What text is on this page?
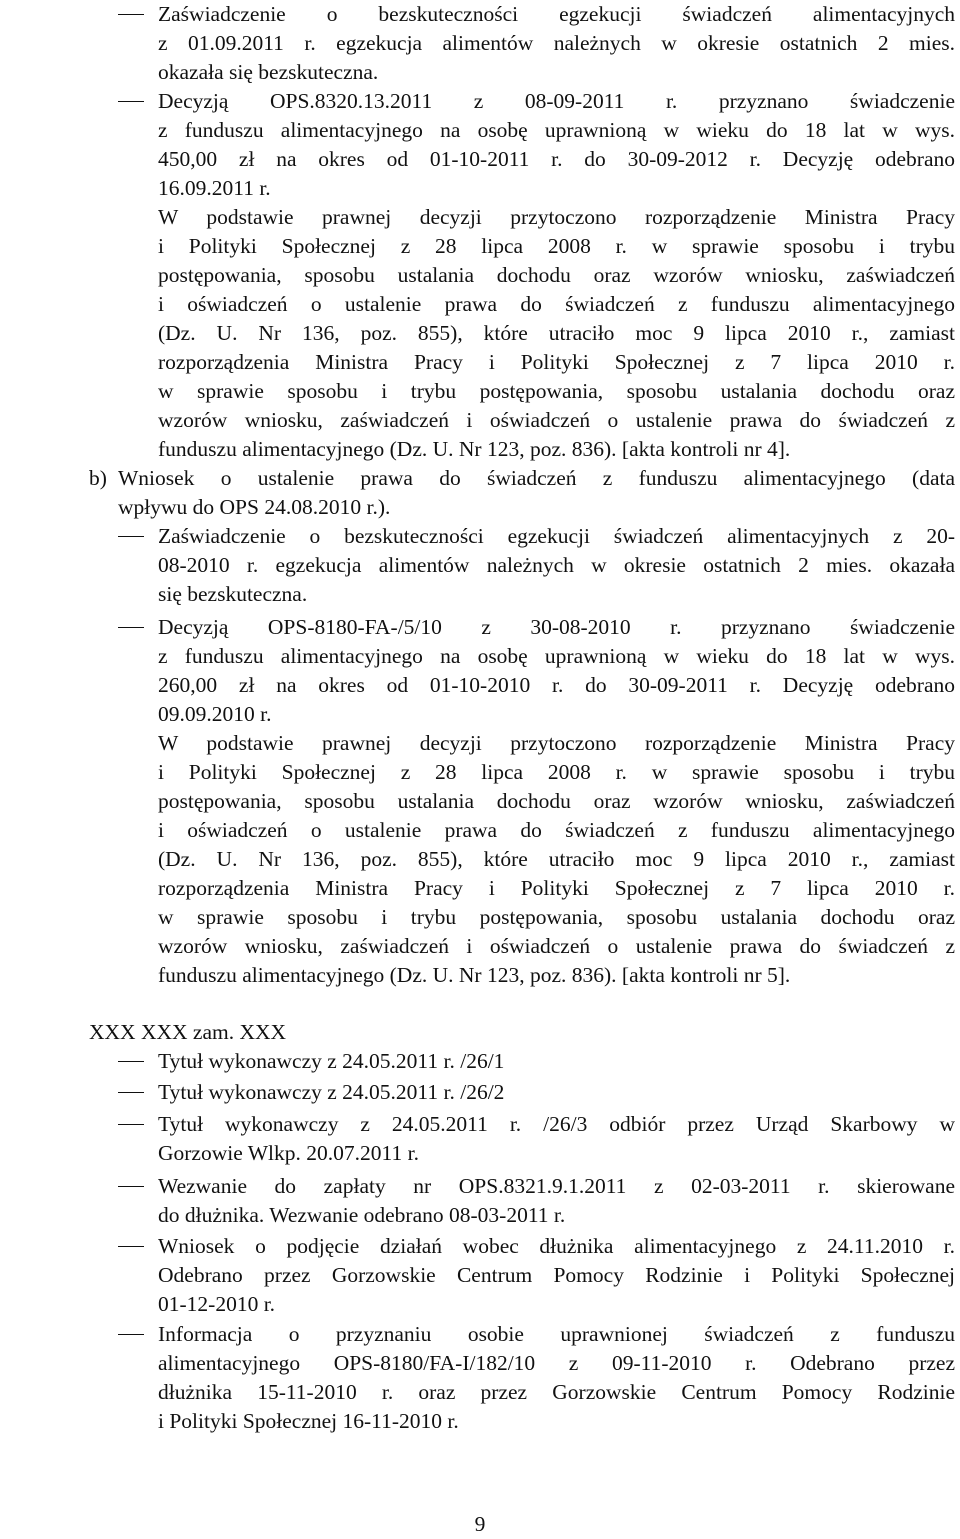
Zaświadczenie o bezskuteczności egzekucji świadczeń alimentacyjnych
z 01.09.2011 r. egzekucja alimentów należnych w okresie ostatnich 2 mies.
okazała się bezskuteczna.
Decyzją OPS.8320.13.2011 z 08-09-2011 r. przyznano świadczenie
z funduszu alimentacyjnego na osobę uprawnioną w wieku do 18 lat w wys.
450,00 zł na okres od 01-10-2011 r. do 30-09-2012 r. Decyzję odebrano
16.09.2011 r.
W podstawie prawnej decyzji przytoczono rozporządzenie Ministra Pracy
i Polityki Społecznej z 28 lipca 2008 r. w sprawie sposobu i trybu
postępowania, sposobu ustalania dochodu oraz wzorów wniosku, zaświadczeń
i oświadczeń o ustalenie prawa do świadczeń z funduszu alimentacyjnego
(Dz. U. Nr 136, poz. 855), które utraciło moc 9 lipca 2010 r., zamiast
rozporządzenia Ministra Pracy i Polityki Społecznej z 7 lipca 2010 r.
w sprawie sposobu i trybu postępowania, sposobu ustalania dochodu oraz
wzorów wniosku, zaświadczeń i oświadczeń o ustalenie prawa do świadczeń z
funduszu alimentacyjnego (Dz. U. Nr 123, poz. 836). [akta kontroli nr 4].
b) Wniosek o ustalenie prawa do świadczeń z funduszu alimentacyjnego (data
wpływu do OPS 24.08.2010 r.).
Zaświadczenie o bezskuteczności egzekucji świadczeń alimentacyjnych z 20-
08-2010 r. egzekucja alimentów należnych w okresie ostatnich 2 mies. okazała
się bezskuteczna.
Decyzją OPS-8180-FA-/5/10 z 30-08-2010 r. przyznano świadczenie
z funduszu alimentacyjnego na osobę uprawnioną w wieku do 18 lat w wys.
260,00 zł na okres od 01-10-2010 r. do 30-09-2011 r. Decyzję odebrano
09.09.2010 r.
W podstawie prawnej decyzji przytoczono rozporządzenie Ministra Pracy
i Polityki Społecznej z 28 lipca 2008 r. w sprawie sposobu i trybu
postępowania, sposobu ustalania dochodu oraz wzorów wniosku, zaświadczeń
i oświadczeń o ustalenie prawa do świadczeń z funduszu alimentacyjnego
(Dz. U. Nr 136, poz. 855), które utraciło moc 9 lipca 2010 r., zamiast
rozporządzenia Ministra Pracy i Polityki Społecznej z 7 lipca 2010 r.
w sprawie sposobu i trybu postępowania, sposobu ustalania dochodu oraz
wzorów wniosku, zaświadczeń i oświadczeń o ustalenie prawa do świadczeń z
funduszu alimentacyjnego (Dz. U. Nr 123, poz. 836). [akta kontroli nr 5].
XXX XXX zam. XXX
Tytuł wykonawczy z 24.05.2011 r. /26/1
Tytuł wykonawczy z 24.05.2011 r. /26/2
Tytuł wykonawczy z 24.05.2011 r. /26/3 odbiór przez Urząd Skarbowy w
Gorzowie Wlkp. 20.07.2011 r.
Wezwanie do zapłaty nr OPS.8321.9.1.2011 z 02-03-2011 r. skierowane
do dłużnika. Wezwanie odebrano 08-03-2011 r.
Wniosek o podjęcie działań wobec dłużnika alimentacyjnego z 24.11.2010 r.
Odebrano przez Gorzowskie Centrum Pomocy Rodzinie i Polityki Społecznej
01-12-2010 r.
Informacja o przyznaniu osobie uprawnionej świadczeń z funduszu
alimentacyjnego OPS-8180/FA-I/182/10 z 09-11-2010 r. Odebrano przez
dłużnika 15-11-2010 r. oraz przez Gorzowskie Centrum Pomocy Rodzinie
i Polityki Społecznej 16-11-2010 r.
9
